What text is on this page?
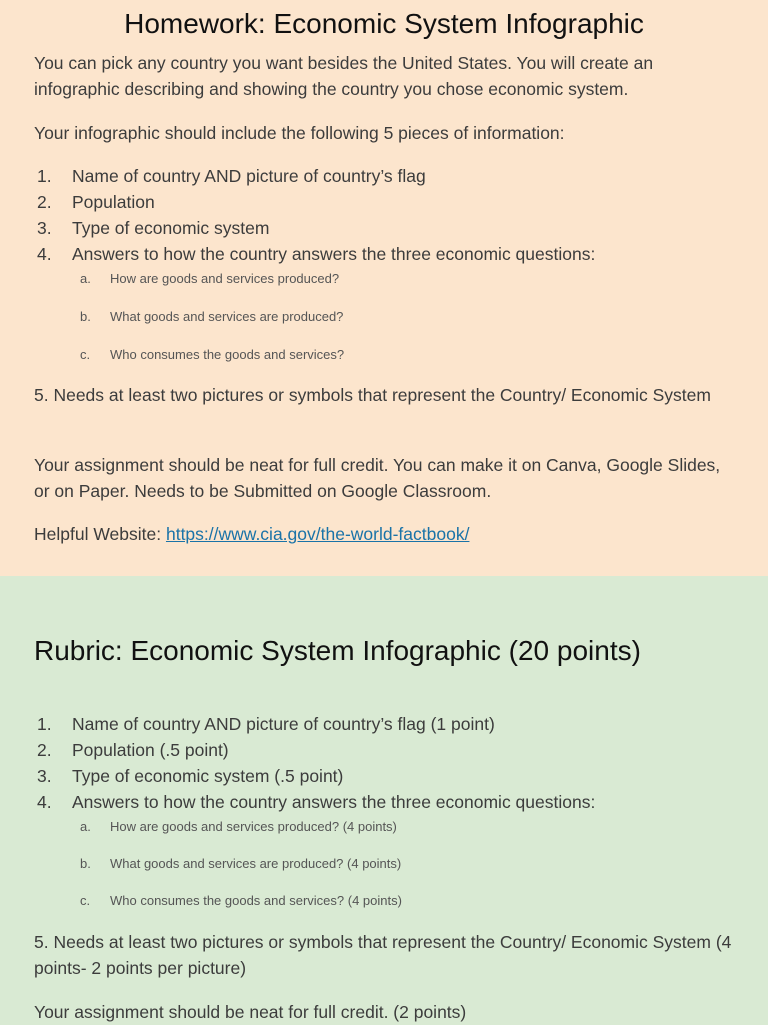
Homework: Economic System Infographic
You can pick any country you want besides the United States. You will create an infographic describing and showing the country you chose economic system.
Your infographic should include the following 5 pieces of information:
1. Name of country AND picture of country’s flag
2. Population
3. Type of economic system
4. Answers to how the country answers the three economic questions:
a. How are goods and services produced?
b. What goods and services are produced?
c. Who consumes the goods and services?
5. Needs at least two pictures or symbols that represent the Country/ Economic System
Your assignment should be neat for full credit. You can make it on Canva, Google Slides, or on Paper. Needs to be Submitted on Google Classroom.
Helpful Website: https://www.cia.gov/the-world-factbook/
Rubric: Economic System Infographic (20 points)
1. Name of country AND picture of country’s flag (1 point)
2. Population (.5 point)
3. Type of economic system (.5 point)
4. Answers to how the country answers the three economic questions:
a. How are goods and services produced? (4 points)
b. What goods and services are produced? (4 points)
c. Who consumes the goods and services? (4 points)
5. Needs at least two pictures or symbols that represent the Country/ Economic System (4 points- 2 points per picture)
Your assignment should be neat for full credit. (2 points)
